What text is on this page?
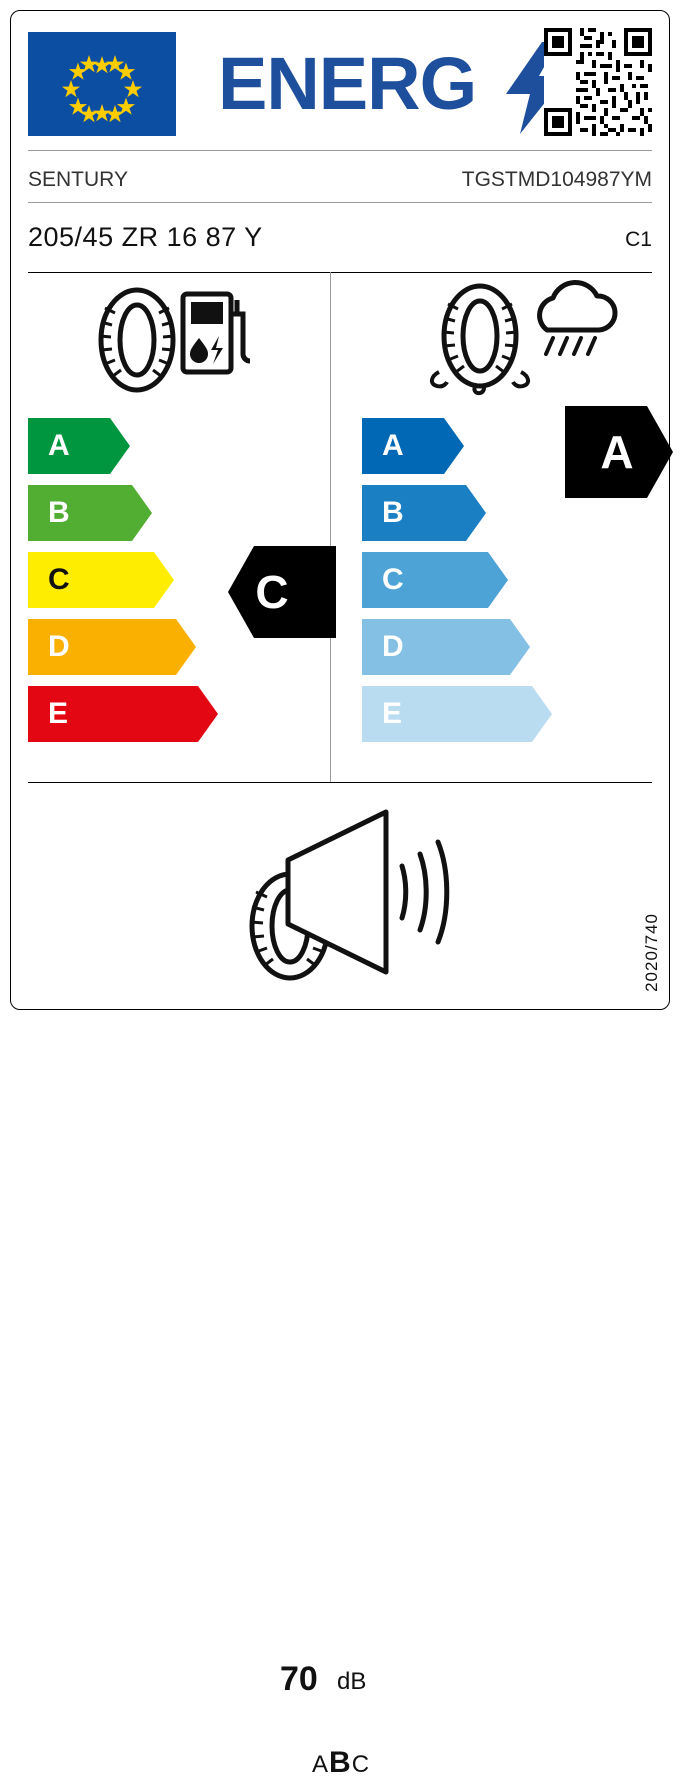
ENERG
SENTURY	TGSTMD104987YM
205/45 ZR 16 87 Y	C1
A
B
C
D
E
A
B
C
D
E
C
A
70 dB
ABC
2020/740
